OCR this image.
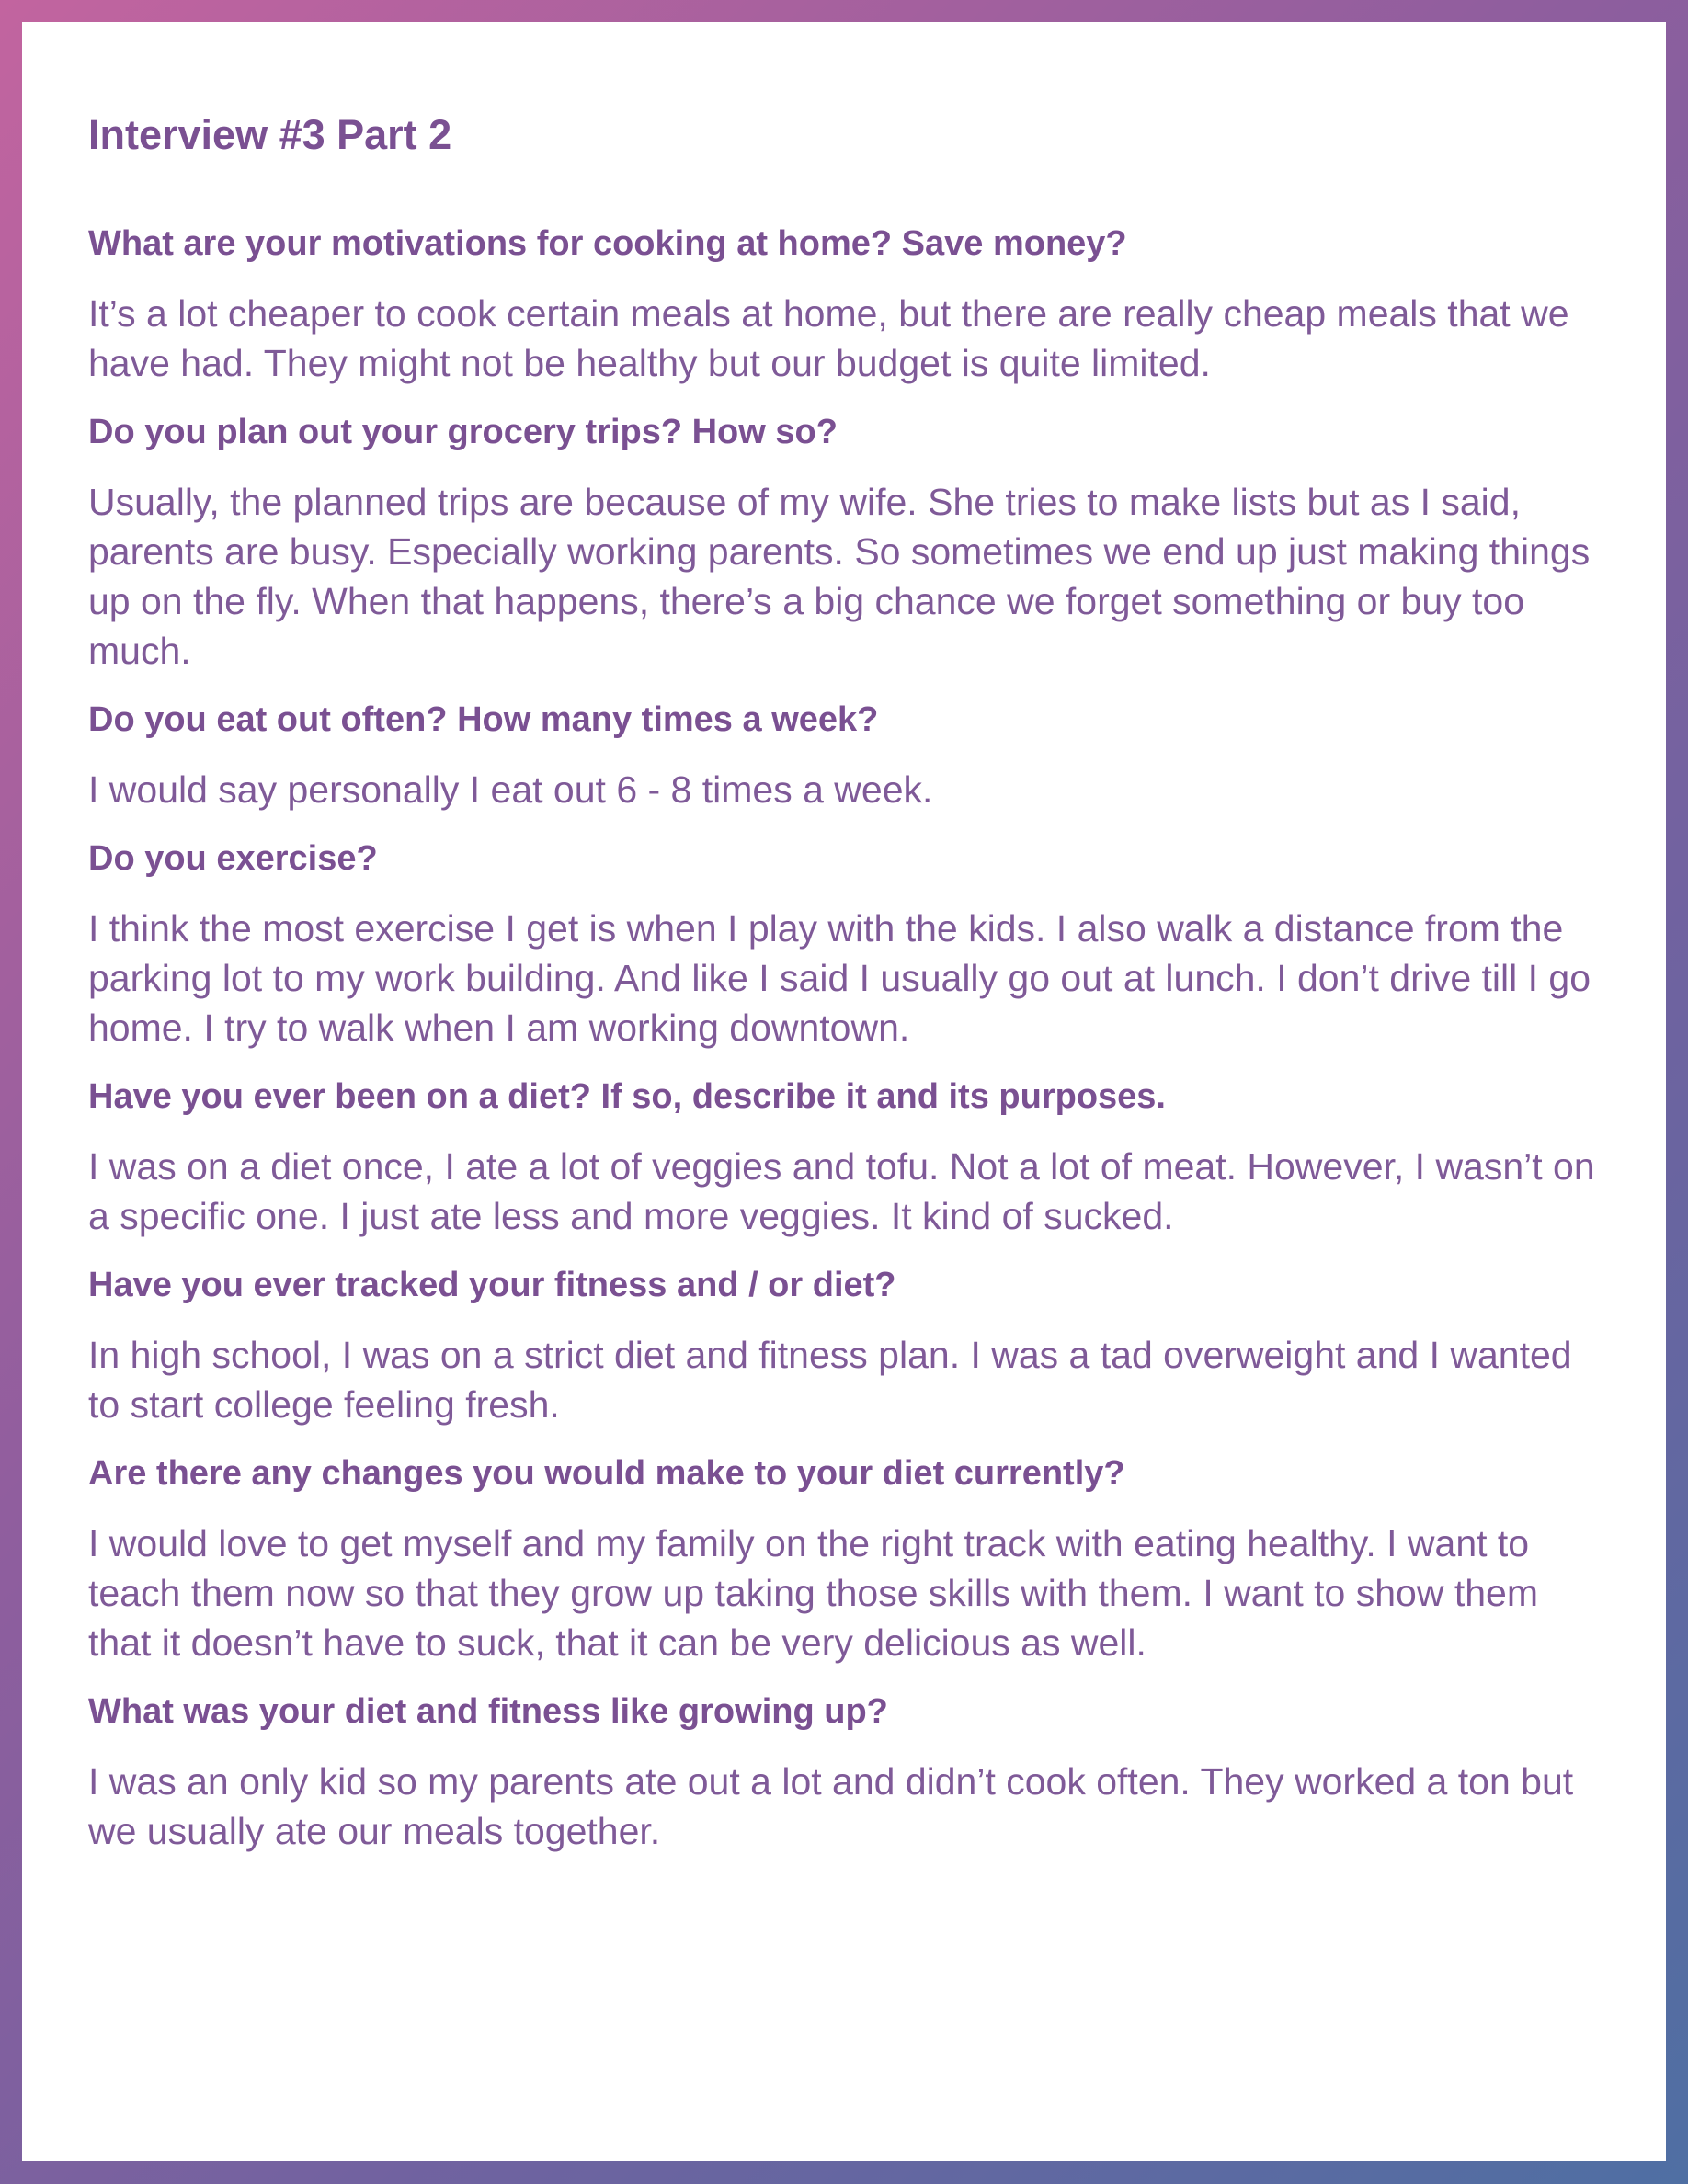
Interview #3 Part 2

What are your motivations for cooking at home? Save money?

It’s a lot cheaper to cook certain meals at home, but there are really cheap meals that we have had. They might not be healthy but our budget is quite limited.

Do you plan out your grocery trips? How so?

Usually, the planned trips are because of my wife. She tries to make lists but as I said, parents are busy. Especially working parents. So sometimes we end up just making things up on the fly. When that happens, there’s a big chance we forget something or buy too much.

Do you eat out often? How many times a week?

I would say personally I eat out 6 - 8 times a week.

Do you exercise?

I think the most exercise I get is when I play with the kids. I also walk a distance from the parking lot to my work building. And like I said I usually go out at lunch. I don’t drive till I go home. I try to walk when I am working downtown.

Have you ever been on a diet? If so, describe it and its purposes.

I was on a diet once, I ate a lot of veggies and tofu. Not a lot of meat. However, I wasn’t on a specific one. I just ate less and more veggies. It kind of sucked.

Have you ever tracked your fitness and / or diet?

In high school, I was on a strict diet and fitness plan. I was a tad overweight and I wanted to start college feeling fresh.

Are there any changes you would make to your diet currently?

I would love to get myself and my family on the right track with eating healthy. I want to teach them now so that they grow up taking those skills with them. I want to show them that it doesn’t have to suck, that it can be very delicious as well.

What was your diet and fitness like growing up?

I was an only kid so my parents ate out a lot and didn’t cook often. They worked a ton but we usually ate our meals together.
